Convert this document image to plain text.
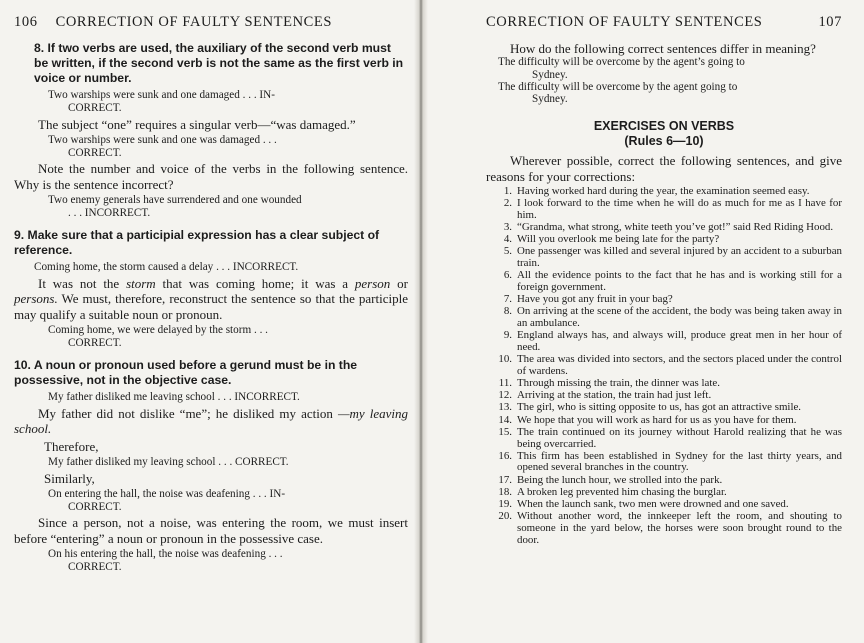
106	CORRECTION OF FAULTY SENTENCES
8. If two verbs are used, the auxiliary of the second verb must be written, if the second verb is not the same as the first verb in voice or number.
Two warships were sunk and one damaged . . . IN-
CORRECT.
The subject “one” requires a singular verb—“was damaged.”
Two warships were sunk and one was damaged . . .
CORRECT.
Note the number and voice of the verbs in the following sentence. Why is the sentence incorrect?
Two enemy generals have surrendered and one wounded
. . . INCORRECT.
9. Make sure that a participial expression has a clear subject of reference.
Coming home, the storm caused a delay . . . INCORRECT.
It was not the storm that was coming home; it was a person or persons. We must, therefore, reconstruct the sentence so that the participle may qualify a suitable noun or pronoun.
Coming home, we were delayed by the storm . . .
CORRECT.
10. A noun or pronoun used before a gerund must be in the possessive, not in the objective case.
My father disliked me leaving school . . . INCORRECT.
My father did not dislike “me”; he disliked my action —my leaving school.
Therefore,
My father disliked my leaving school . . . CORRECT.
Similarly,
On entering the hall, the noise was deafening . . . IN-
CORRECT.
Since a person, not a noise, was entering the room, we must insert before “entering” a noun or pronoun in the possessive case.
On his entering the hall, the noise was deafening . . .
CORRECT.
CORRECTION OF FAULTY SENTENCES	107
How do the following correct sentences differ in meaning?
The difficulty will be overcome by the agent’s going to
Sydney.
The difficulty will be overcome by the agent going to
Sydney.
EXERCISES ON VERBS
(Rules 6—10)
Wherever possible, correct the following sentences, and give reasons for your corrections:
1. Having worked hard during the year, the examination seemed easy.
2. I look forward to the time when he will do as much for me as I have for him.
3. “Grandma, what strong, white teeth you’ve got!” said Red Riding Hood.
4. Will you overlook me being late for the party?
5. One passenger was killed and several injured by an accident to a suburban train.
6. All the evidence points to the fact that he has and is working still for a foreign government.
7. Have you got any fruit in your bag?
8. On arriving at the scene of the accident, the body was being taken away in an ambulance.
9. England always has, and always will, produce great men in her hour of need.
10. The area was divided into sectors, and the sectors placed under the control of wardens.
11. Through missing the train, the dinner was late.
12. Arriving at the station, the train had just left.
13. The girl, who is sitting opposite to us, has got an attractive smile.
14. We hope that you will work as hard for us as you have for them.
15. The train continued on its journey without Harold realizing that he was being overcarried.
16. This firm has been established in Sydney for the last thirty years, and opened several branches in the country.
17. Being the lunch hour, we strolled into the park.
18. A broken leg prevented him chasing the burglar.
19. When the launch sank, two men were drowned and one saved.
20. Without another word, the innkeeper left the room, and shouting to someone in the yard below, the horses were soon brought round to the door.
